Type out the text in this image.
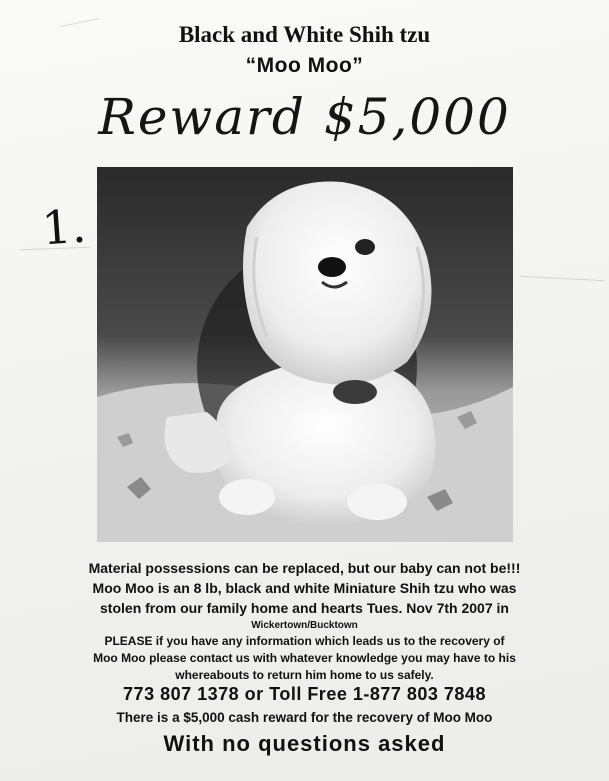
Black and White Shih tzu
“Moo Moo”
Reward $5,000
1.
Material possessions can be replaced, but our baby can not be!!!
Moo Moo is an 8 lb, black and white Miniature Shih tzu who was
stolen from our family home and hearts Tues. Nov 7th 2007 in
Wickertown/Bucktown
PLEASE if you have any information which leads us to the recovery of
Moo Moo please contact us with whatever knowledge you may have to his
whereabouts to return him home to us safely.
773 807 1378 or Toll Free 1-877 803 7848
There is a $5,000 cash reward for the recovery of Moo Moo
With no questions asked
